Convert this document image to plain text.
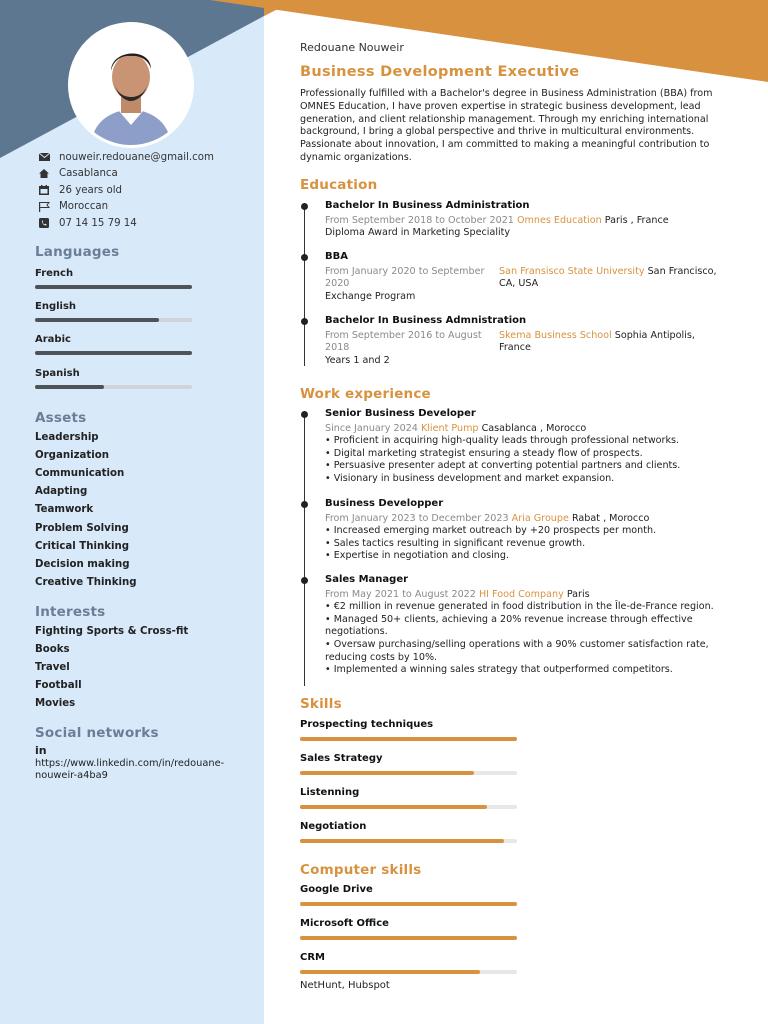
nouweir.redouane@gmail.com
Casablanca
26 years old
Moroccan
07 14 15 79 14
Languages
French
English
Arabic
Spanish
Assets
Leadership
Organization
Communication
Adapting
Teamwork
Problem Solving
Critical Thinking
Decision making
Creative Thinking
Interests
Fighting Sports & Cross-fit
Books
Travel
Football
Movies
Social networks
in
https://www.linkedin.com/in/redouane-
nouweir-a4ba9
Redouane Nouweir
Business Development Executive
Professionally fulfilled with a Bachelor's degree in Business Administration (BBA) from OMNES Education, I have proven expertise in strategic business development, lead generation, and client relationship management. Through my enriching international background, I bring a global perspective and thrive in multicultural environments. Passionate about innovation, I am committed to making a meaningful contribution to dynamic organizations.
Education
Bachelor In Business Administration
From September 2018 to October 2021 Omnes Education Paris , France
Diploma Award in Marketing Speciality
BBA
From January 2020 to September 2020
San Fransisco State University San Francisco, CA, USA
Exchange Program
Bachelor In Business Admnistration
From September 2016 to August 2018
Skema Business School Sophia Antipolis, France
Years 1 and 2
Work experience
Senior Business Developer
Since January 2024 Klient Pump Casablanca , Morocco
• Proficient in acquiring high-quality leads through professional networks.
• Digital marketing strategist ensuring a steady flow of prospects.
• Persuasive presenter adept at converting potential partners and clients.
• Visionary in business development and market expansion.
Business Developper
From January 2023 to December 2023 Aria Groupe Rabat , Morocco
• Increased emerging market outreach by +20 prospects per month.
• Sales tactics resulting in significant revenue growth.
• Expertise in negotiation and closing.
Sales Manager
From May 2021 to August 2022 HI Food Company Paris
• €2 million in revenue generated in food distribution in the Île-de-France region.
• Managed 50+ clients, achieving a 20% revenue increase through effective negotiations.
• Oversaw purchasing/selling operations with a 90% customer satisfaction rate, reducing costs by 10%.
• Implemented a winning sales strategy that outperformed competitors.
Skills
Prospecting techniques
Sales Strategy
Listenning
Negotiation
Computer skills
Google Drive
Microsoft Office
CRM
NetHunt, Hubspot
